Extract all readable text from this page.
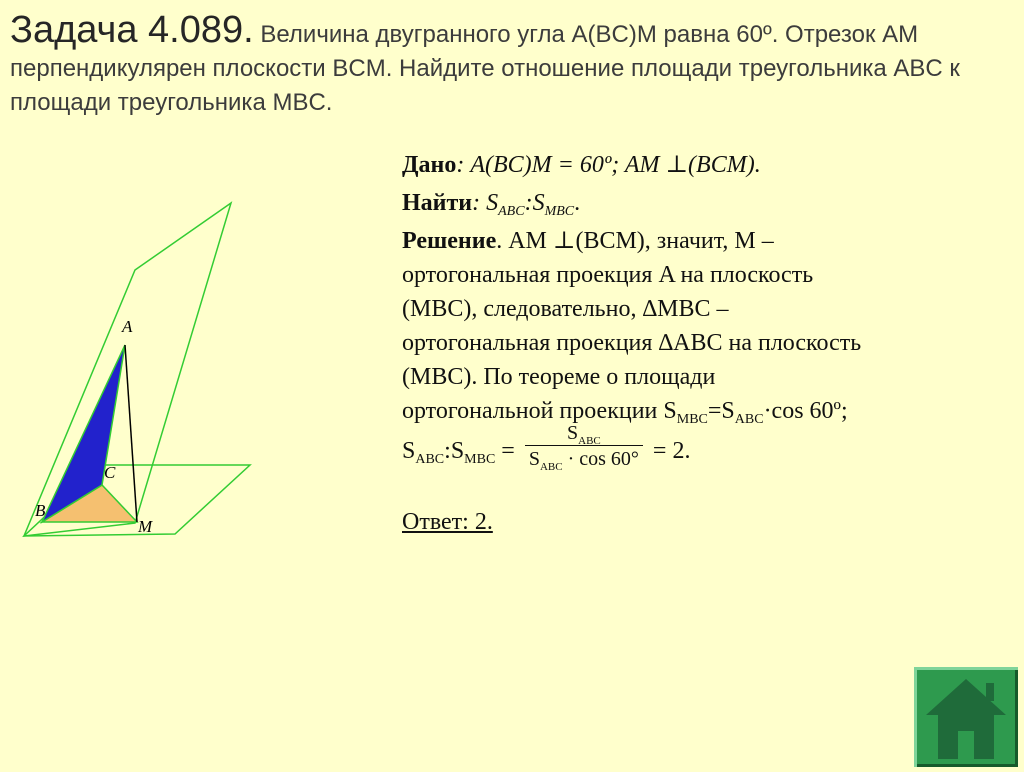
Задача 4.089. Величина двугранного угла A(BC)M равна 60º. Отрезок AM перпендикулярен плоскости BCM. Найдите отношение площади треугольника ABC к площади треугольника MBC.
A
B
C
M
Дано: A(BC)M = 60º; AM ⊥(BCM).
Найти: $S_{ABC}:S_{MBC}$.
Решение. AM ⊥(BCM), значит, M –
ортогональная проекция A на плоскость
(MBC), следовательно, ∆MBC –
ортогональная проекция ∆ABC на плоскость
(MBC). По теореме о площади
ортогональной проекции $S_{MBC}=S_{ABC}\cdot\cos$ 60º;
$S_{ABC}:S_{MBC} = \frac{S_{ABC}}{S_{ABC} \cdot \cos 60^\circ} = 2$.
Ответ: 2.
